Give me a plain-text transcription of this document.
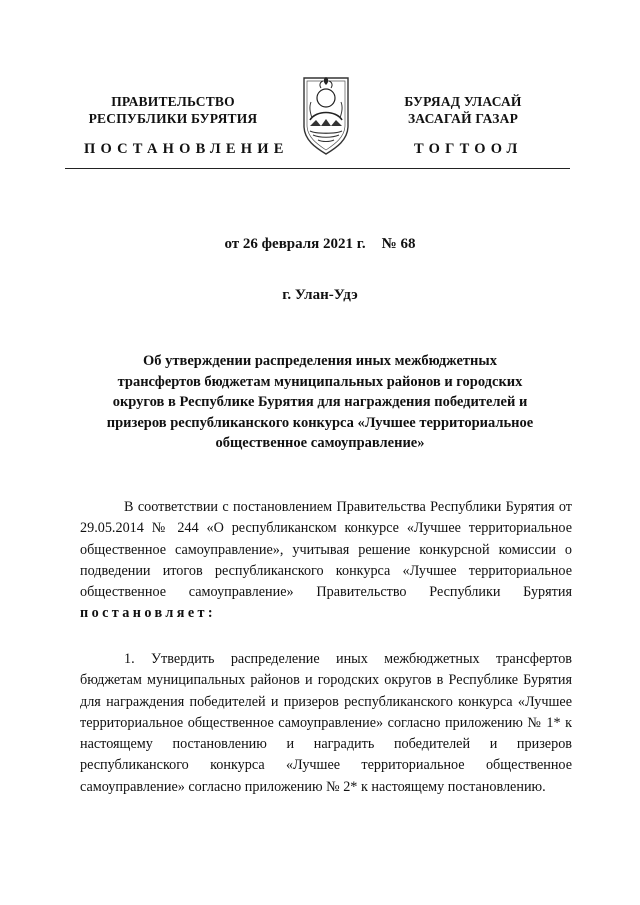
ПРАВИТЕЛЬСТВО
РЕСПУБЛИКИ БУРЯТИЯ
БУРЯАД УЛАСАЙ
ЗАСАГАЙ ГАЗАР
ПОСТАНОВЛЕНИЕ	ТОГТООЛ
от 26 февраля 2021 г. № 68
г. Улан-Удэ
Об утверждении распределения иных межбюджетных
трансфертов бюджетам муниципальных районов и городских
округов в Республике Бурятия для награждения победителей и
призеров республиканского конкурса «Лучшее территориальное
общественное самоуправление»
В соответствии с постановлением Правительства Республики Бурятия от 29.05.2014 № 244 «О республиканском конкурсе «Лучшее территориальное общественное самоуправление», учитывая решение конкурсной комиссии о подведении итогов республиканского конкурса «Лучшее территориальное общественное самоуправление» Правительство Республики Бурятия постановляет:
1. Утвердить распределение иных межбюджетных трансфертов бюджетам муниципальных районов и городских округов в Республике Бурятия для награждения победителей и призеров республиканского конкурса «Лучшее территориальное общественное самоуправление» согласно приложению № 1* к настоящему постановлению и наградить победителей и призеров республиканского конкурса «Лучшее территориальное общественное самоуправление» согласно приложению № 2* к настоящему постановлению.
